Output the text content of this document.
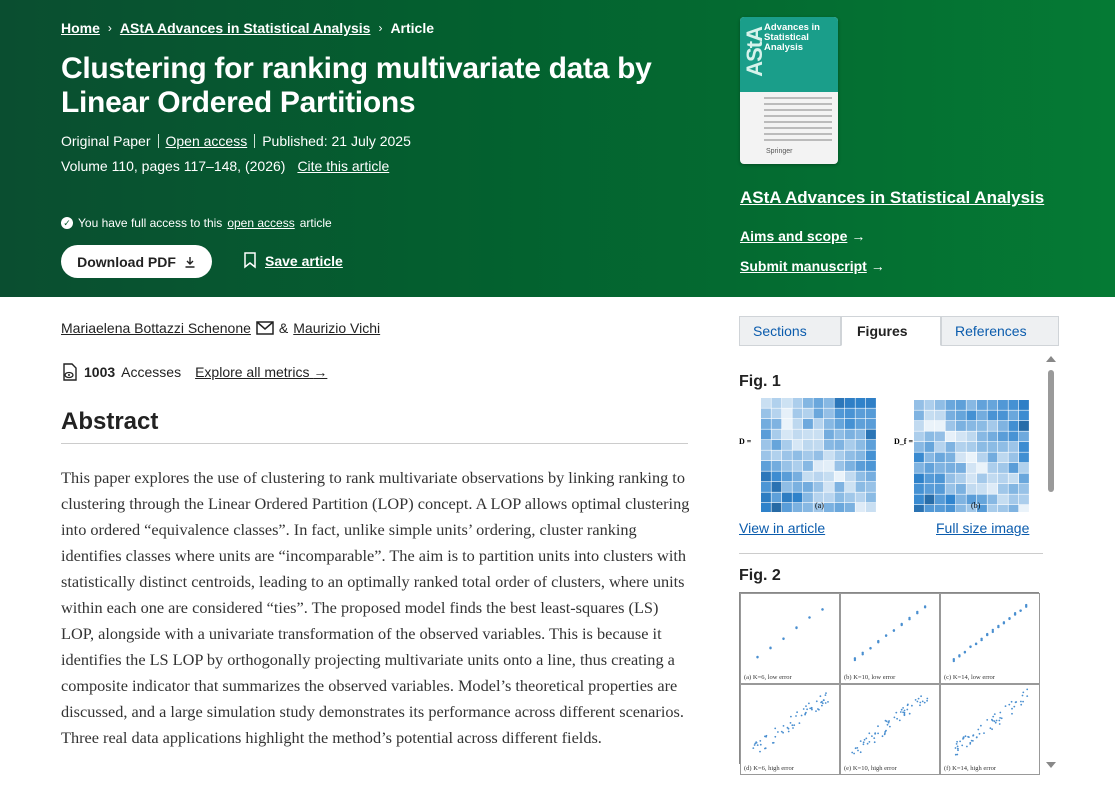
Home › AStA Advances in Statistical Analysis › Article
Clustering for ranking multivariate data by Linear Ordered Partitions
Original Paper Open access Published: 21 July 2025
Volume 110, pages 117–148, (2026) Cite this article
✓ You have full access to this open access article
Download PDF	Save article
AStA
Advances in Statistical Analysis
Springer
AStA Advances in Statistical Analysis
Aims and scope →
Submit manuscript →
Mariaelena Bottazzi Schenone & Maurizio Vichi
1003 Accesses Explore all metrics →
Abstract

This paper explores the use of clustering to rank multivariate observations by linking ranking to clustering through the Linear Ordered Partition (LOP) concept. A LOP allows optimal clustering into ordered “equivalence classes”. In fact, unlike simple units’ ordering, cluster ranking identifies classes where units are “incomparable”. The aim is to partition units into clusters with statistically distinct centroids, leading to an optimally ranked total order of clusters, where units within each one are considered “ties”. The proposed model finds the best least-squares (LS) LOP, alongside with a univariate transformation of the observed variables. This is because it identifies the LS LOP by orthogonally projecting multivariate units onto a line, thus creating a composite indicator that summarizes the observed variables. Model’s theoretical properties are discussed, and a large simulation study demonstrates its performance across different scenarios. Three real data applications highlight the method’s potential across different fields.

Sections	Figures	References
Fig. 1
D =	D_f =
(a)	(b)
View in article	Full size image
Fig. 2
(a) K=6, low error	(b) K=10, low error	(c) K=14, low error
(d) K=6, high error	(e) K=10, high error	(f) K=14, high error
